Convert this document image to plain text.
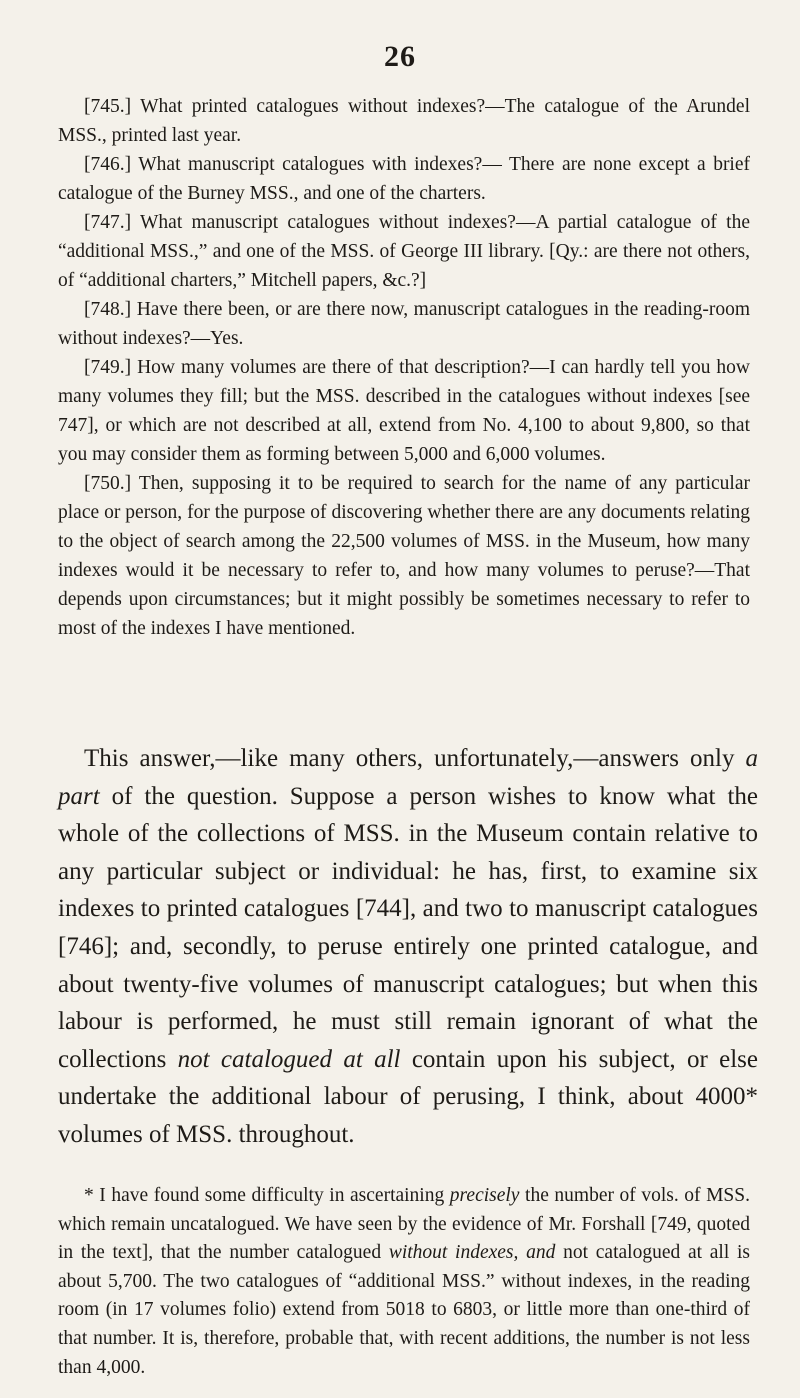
26

[745.] What printed catalogues without indexes?—The catalogue of the Arundel MSS., printed last year.

[746.] What manuscript catalogues with indexes?— There are none except a brief catalogue of the Burney MSS., and one of the charters.

[747.] What manuscript catalogues without indexes?—A partial catalogue of the “additional MSS.,” and one of the MSS. of George III library. [Qy.: are there not others, of “additional charters,” Mitchell papers, &c.?]

[748.] Have there been, or are there now, manuscript catalogues in the reading-room without indexes?—Yes.

[749.] How many volumes are there of that description?—I can hardly tell you how many volumes they fill; but the MSS. described in the catalogues without indexes [see 747], or which are not described at all, extend from No. 4,100 to about 9,800, so that you may consider them as forming between 5,000 and 6,000 volumes.

[750.] Then, supposing it to be required to search for the name of any particular place or person, for the purpose of discovering whether there are any documents relating to the object of search among the 22,500 volumes of MSS. in the Museum, how many indexes would it be necessary to refer to, and how many volumes to peruse?—That depends upon circumstances; but it might possibly be sometimes necessary to refer to most of the indexes I have mentioned.

This answer,—like many others, unfortunately,—answers only a part of the question. Suppose a person wishes to know what the whole of the collections of MSS. in the Museum contain relative to any particular subject or individual: he has, first, to examine six indexes to printed catalogues [744], and two to manuscript catalogues [746]; and, secondly, to peruse entirely one printed catalogue, and about twenty-five volumes of manuscript catalogues; but when this labour is performed, he must still remain ignorant of what the collections not catalogued at all contain upon his subject, or else undertake the additional labour of perusing, I think, about 4000* volumes of MSS. throughout.

* I have found some difficulty in ascertaining precisely the number of vols. of MSS. which remain uncatalogued. We have seen by the evidence of Mr. Forshall [749, quoted in the text], that the number catalogued without indexes, and not catalogued at all is about 5,700. The two catalogues of “additional MSS.” without indexes, in the reading room (in 17 volumes folio) extend from 5018 to 6803, or little more than one-third of that number. It is, therefore, probable that, with recent additions, the number is not less than 4,000.
